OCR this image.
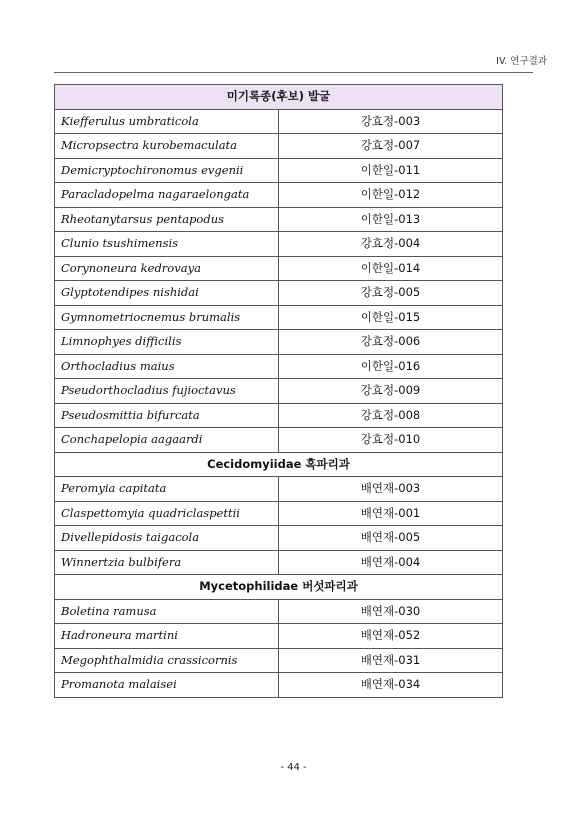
IV. 연구결과
미기록종(후보) 발굴	
Kiefferulus umbraticola	강효정-003
Micropsectra kurobemaculata	강효정-007
Demicryptochironomus evgenii	이한일-011
Paracladopelma nagaraelongata	이한일-012
Rheotanytarsus pentapodus	이한일-013
Clunio tsushimensis	강효정-004
Corynoneura kedrovaya	이한일-014
Glyptotendipes nishidai	강효정-005
Gymnometriocnemus brumalis	이한일-015
Limnophyes difficilis	강효정-006
Orthocladius maius	이한일-016
Pseudorthocladius fujioctavus	강효정-009
Pseudosmittia bifurcata	강효정-008
Conchapelopia aagaardi	강효정-010
Cecidomyiidae 혹파리과	
Peromyia capitata	배연재-003
Claspettomyia quadriclaspettii	배연재-001
Divellepidosis taigacola	배연재-005
Winnertzia bulbifera	배연재-004
Mycetophilidae 버섯파리과	
Boletina ramusa	배연재-030
Hadroneura martini	배연재-052
Megophthalmidia crassicornis	배연재-031
Promanota malaisei	배연재-034
- 44 -
